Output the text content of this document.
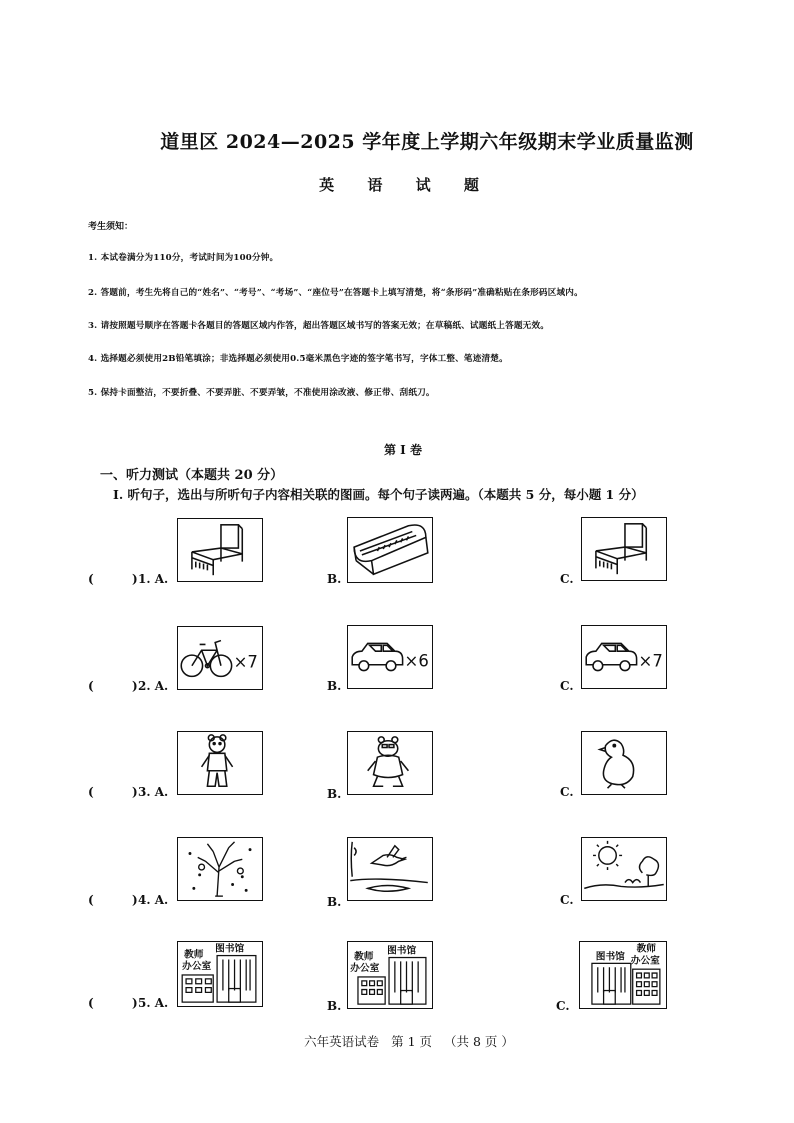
道里区 2024—2025 学年度上学期六年级期末学业质量监测
英 语 试 题
考生须知：
1. 本试卷满分为110分，考试时间为100分钟。
2. 答题前，考生先将自己的“姓名”、“考号”、“考场”、“座位号”在答题卡上填写清楚，将“条形码”准确粘贴在条形码区域内。
3. 请按照题号顺序在答题卡各题目的答题区域内作答，超出答题区域书写的答案无效；在草稿纸、试题纸上答题无效。
4. 选择题必须使用2B铅笔填涂；非选择题必须使用0.5毫米黑色字迹的签字笔书写，字体工整、笔迹清楚。
5. 保持卡面整洁，不要折叠、不要弄脏、不要弄皱，不准使用涂改液、修正带、刮纸刀。
第 I 卷
一、听力测试（本题共 20 分）
I. 听句子，选出与所听句子内容相关联的图画。每个句子读两遍。（本题共 5 分，每小题 1 分）
(	) 1. A.	B.	C.
(	) 2. A.	B.	C.
×7	×6	×7
(	) 3. A.	B.	C.
(	) 4. A.	B.	C.
(	) 5. A.	B.	C.
教师
办公室
图书馆
教师
办公室
图书馆
图书馆
教师
办公室
六年英语试卷 第 1 页 （共 8 页 ）
